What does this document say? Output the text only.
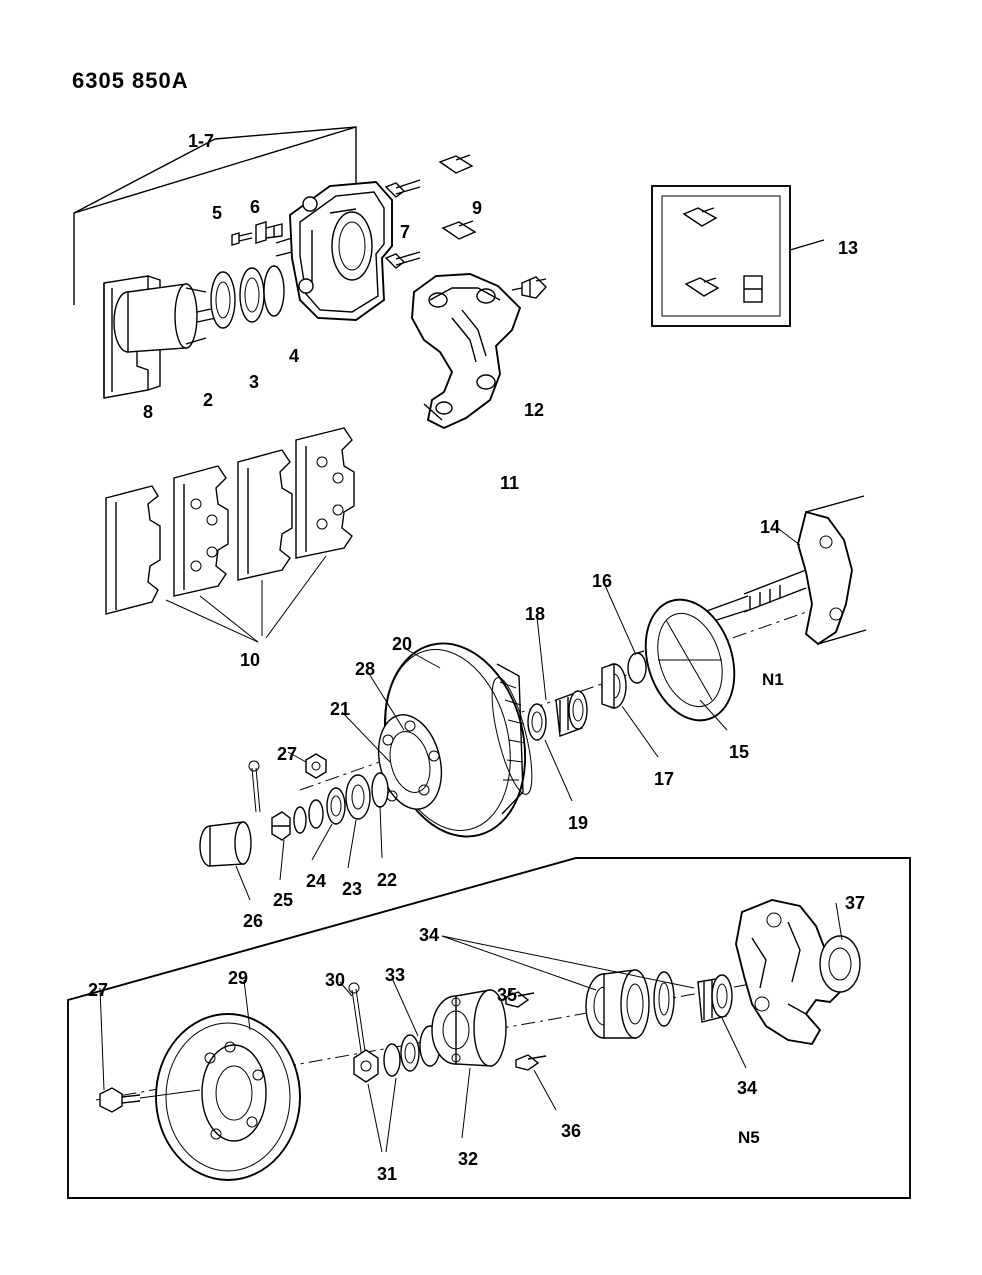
6305 850A
1-7
5 6
7
9
8
2
3
4
12
11
13
10
14
16
18
15
17
19
20
28
21
27
22
23
24
25
26
37
34
35
34
29	30 33
27
36
32
31
N1
N5
